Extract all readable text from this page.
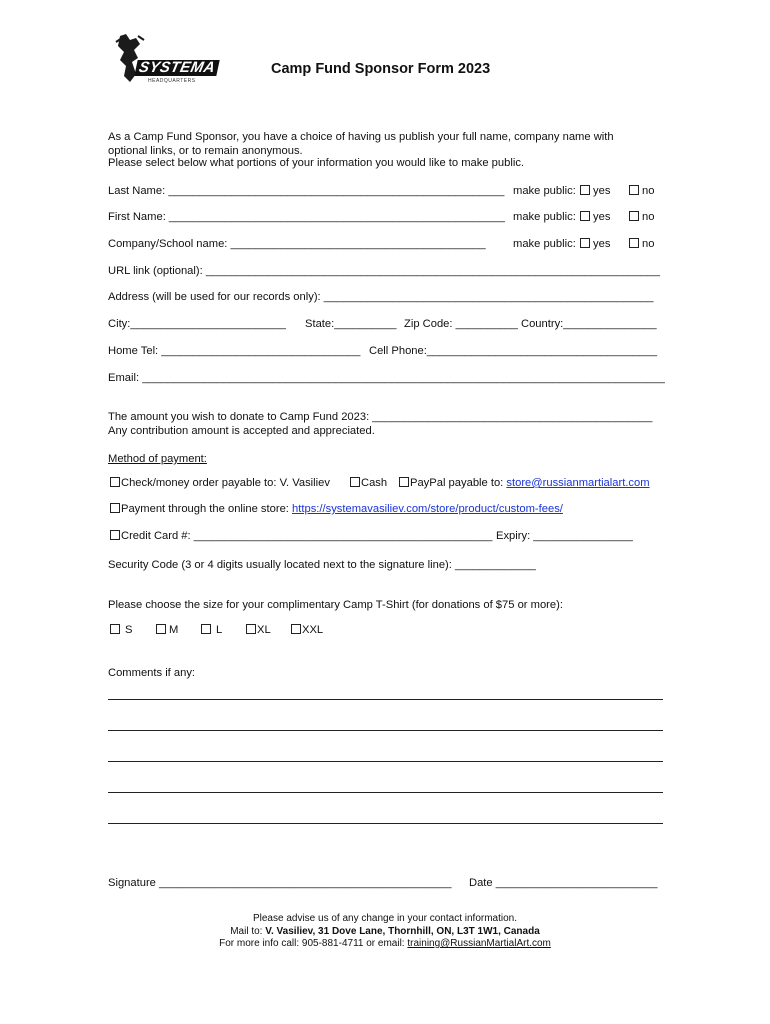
SYSTEMA
HEADQUARTERS
Camp Fund Sponsor Form 2023
As a Camp Fund Sponsor, you have a choice of having us publish your full name, company name with
optional links, or to remain anonymous.
Please select below what portions of your information you would like to make public.
Last Name: ______________________________________________________ make public:	yes	no
First Name: ______________________________________________________ make public:	yes	no
Company/School name: _________________________________________ make public:	yes	no
URL link (optional): _________________________________________________________________________
Address (will be used for our records only): _____________________________________________________
City:_________________________ State:__________ Zip Code: __________ Country:_______________
Home Tel: ________________________________ Cell Phone:_____________________________________
Email: ____________________________________________________________________________________
The amount you wish to donate to Camp Fund 2023: _____________________________________________
Any contribution amount is accepted and appreciated.
Method of payment:
Check/money order payable to: V. Vasiliev	Cash	PayPal payable to: store@russianmartialart.com
Payment through the online store: https://systemavasiliev.com/store/product/custom-fees/
Credit Card #: ________________________________________________ Expiry: ________________
Security Code (3 or 4 digits usually located next to the signature line): _____________
Please choose the size for your complimentary Camp T-Shirt (for donations of $75 or more):
S	M	L	XL	XXL
Comments if any:
Signature _______________________________________________ Date __________________________
Please advise us of any change in your contact information.
Mail to: V. Vasiliev, 31 Dove Lane, Thornhill, ON, L3T 1W1, Canada
For more info call: 905-881-4711 or email: training@RussianMartialArt.com
